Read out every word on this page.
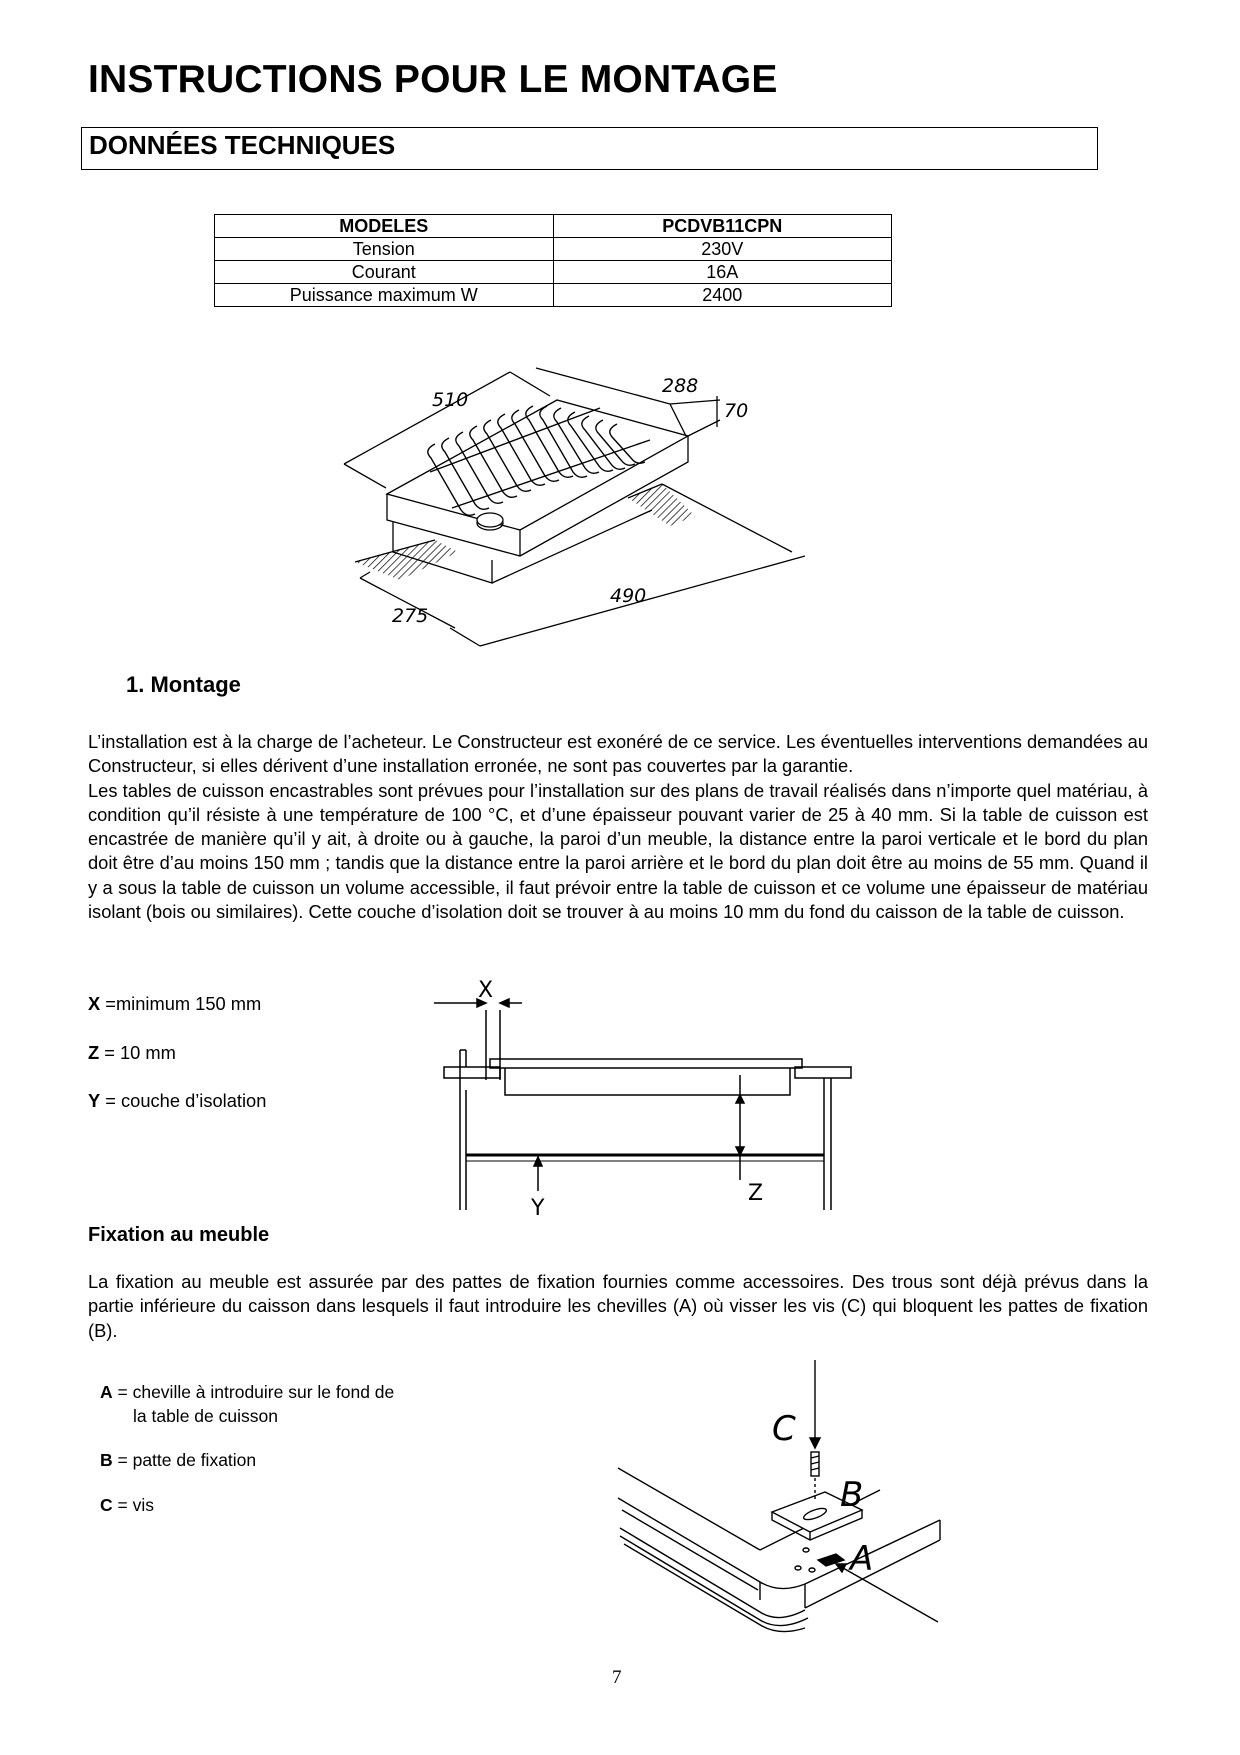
INSTRUCTIONS POUR LE MONTAGE
DONNÉES TECHNIQUES
MODELES	PCDVB11CPN
Tension	230V
Courant	16A
Puissance maximum W	2400
510
288
70
490
275
1. Montage

L’installation est à la charge de l’acheteur. Le Constructeur est exonéré de ce service. Les éventuelles interventions demandées au Constructeur, si elles dérivent d’une installation erronée, ne sont pas couvertes par la garantie.

Les tables de cuisson encastrables sont prévues pour l’installation sur des plans de travail réalisés dans n’importe quel matériau, à condition qu’il résiste à une température de 100 °C, et d’une épaisseur pouvant varier de 25 à 40 mm. Si la table de cuisson est encastrée de manière qu’il y ait, à droite ou à gauche, la paroi d’un meuble, la distance entre la paroi verticale et le bord du plan doit être d’au moins 150 mm ; tandis que la distance entre la paroi arrière et le bord du plan doit être au moins de 55 mm. Quand il y a sous la table de cuisson un volume accessible, il faut prévoir entre la table de cuisson et ce volume une épaisseur de matériau isolant (bois ou similaires). Cette couche d’isolation doit se trouver à au moins 10 mm du fond du caisson de la table de cuisson.

X =minimum 150 mm
Z = 10 mm
Y = couche d’isolation
X
Z
Y
Fixation au meuble

La fixation au meuble est assurée par des pattes de fixation fournies comme accessoires. Des trous sont déjà prévus dans la partie inférieure du caisson dans lesquels il faut introduire les chevilles (A) où visser les vis (C) qui bloquent les pattes de fixation (B).

A = cheville à introduire sur le fond de
la table de cuisson
B = patte de fixation
C = vis
C
B
A
7
